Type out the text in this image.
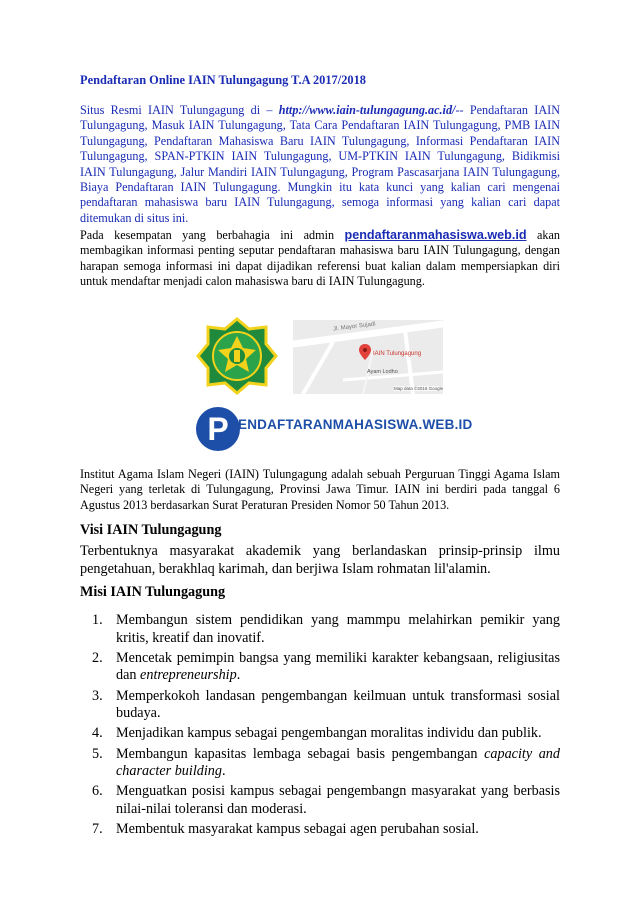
Pendaftaran Online IAIN Tulungagung T.A 2017/2018
Situs Resmi IAIN Tulungagung di – http://www.iain-tulungagung.ac.id/-- Pendaftaran IAIN Tulungagung, Masuk IAIN Tulungagung, Tata Cara Pendaftaran IAIN Tulungagung, PMB IAIN Tulungagung, Pendaftaran Mahasiswa Baru IAIN Tulungagung, Informasi Pendaftaran IAIN Tulungagung, SPAN-PTKIN IAIN Tulungagung, UM-PTKIN IAIN Tulungagung, Bidikmisi IAIN Tulungagung, Jalur Mandiri IAIN Tulungagung, Program Pascasarjana IAIN Tulungagung, Biaya Pendaftaran IAIN Tulungagung. Mungkin itu kata kunci yang kalian cari mengenai pendaftaran mahasiswa baru IAIN Tulungagung, semoga informasi yang kalian cari dapat ditemukan di situs ini.
Pada kesempatan yang berbahagia ini admin pendaftaranmahasiswa.web.id akan membagikan informasi penting seputar pendaftaran mahasiswa baru IAIN Tulungagung, dengan harapan semoga informasi ini dapat dijadikan referensi buat kalian dalam mempersiapkan diri untuk mendaftar menjadi calon mahasiswa baru di IAIN Tulungagung.
Jl. Mayor Sujadi
IAIN Tulungagung
Ayam Lodho
Map data ©2016 Google
P ENDAFTARANMAHASISWA.WEB.ID
Institut Agama Islam Negeri (IAIN) Tulungagung adalah sebuah Perguruan Tinggi Agama Islam Negeri yang terletak di Tulungagung, Provinsi Jawa Timur. IAIN ini berdiri pada tanggal 6 Agustus 2013 berdasarkan Surat Peraturan Presiden Nomor 50 Tahun 2013.
Visi IAIN Tulungagung
Terbentuknya masyarakat akademik yang berlandaskan prinsip-prinsip ilmu pengetahuan, berakhlaq karimah, dan berjiwa Islam rohmatan lil'alamin.
Misi IAIN Tulungagung
1. Membangun sistem pendidikan yang mammpu melahirkan pemikir yang kritis, kreatif dan inovatif.
2. Mencetak pemimpin bangsa yang memiliki karakter kebangsaan, religiusitas dan entrepreneurship.
3. Memperkokoh landasan pengembangan keilmuan untuk transformasi sosial budaya.
4. Menjadikan kampus sebagai pengembangan moralitas individu dan publik.
5. Membangun kapasitas lembaga sebagai basis pengembangan capacity and character building.
6. Menguatkan posisi kampus sebagai pengembangn masyarakat yang berbasis nilai-nilai toleransi dan moderasi.
7. Membentuk masyarakat kampus sebagai agen perubahan sosial.
